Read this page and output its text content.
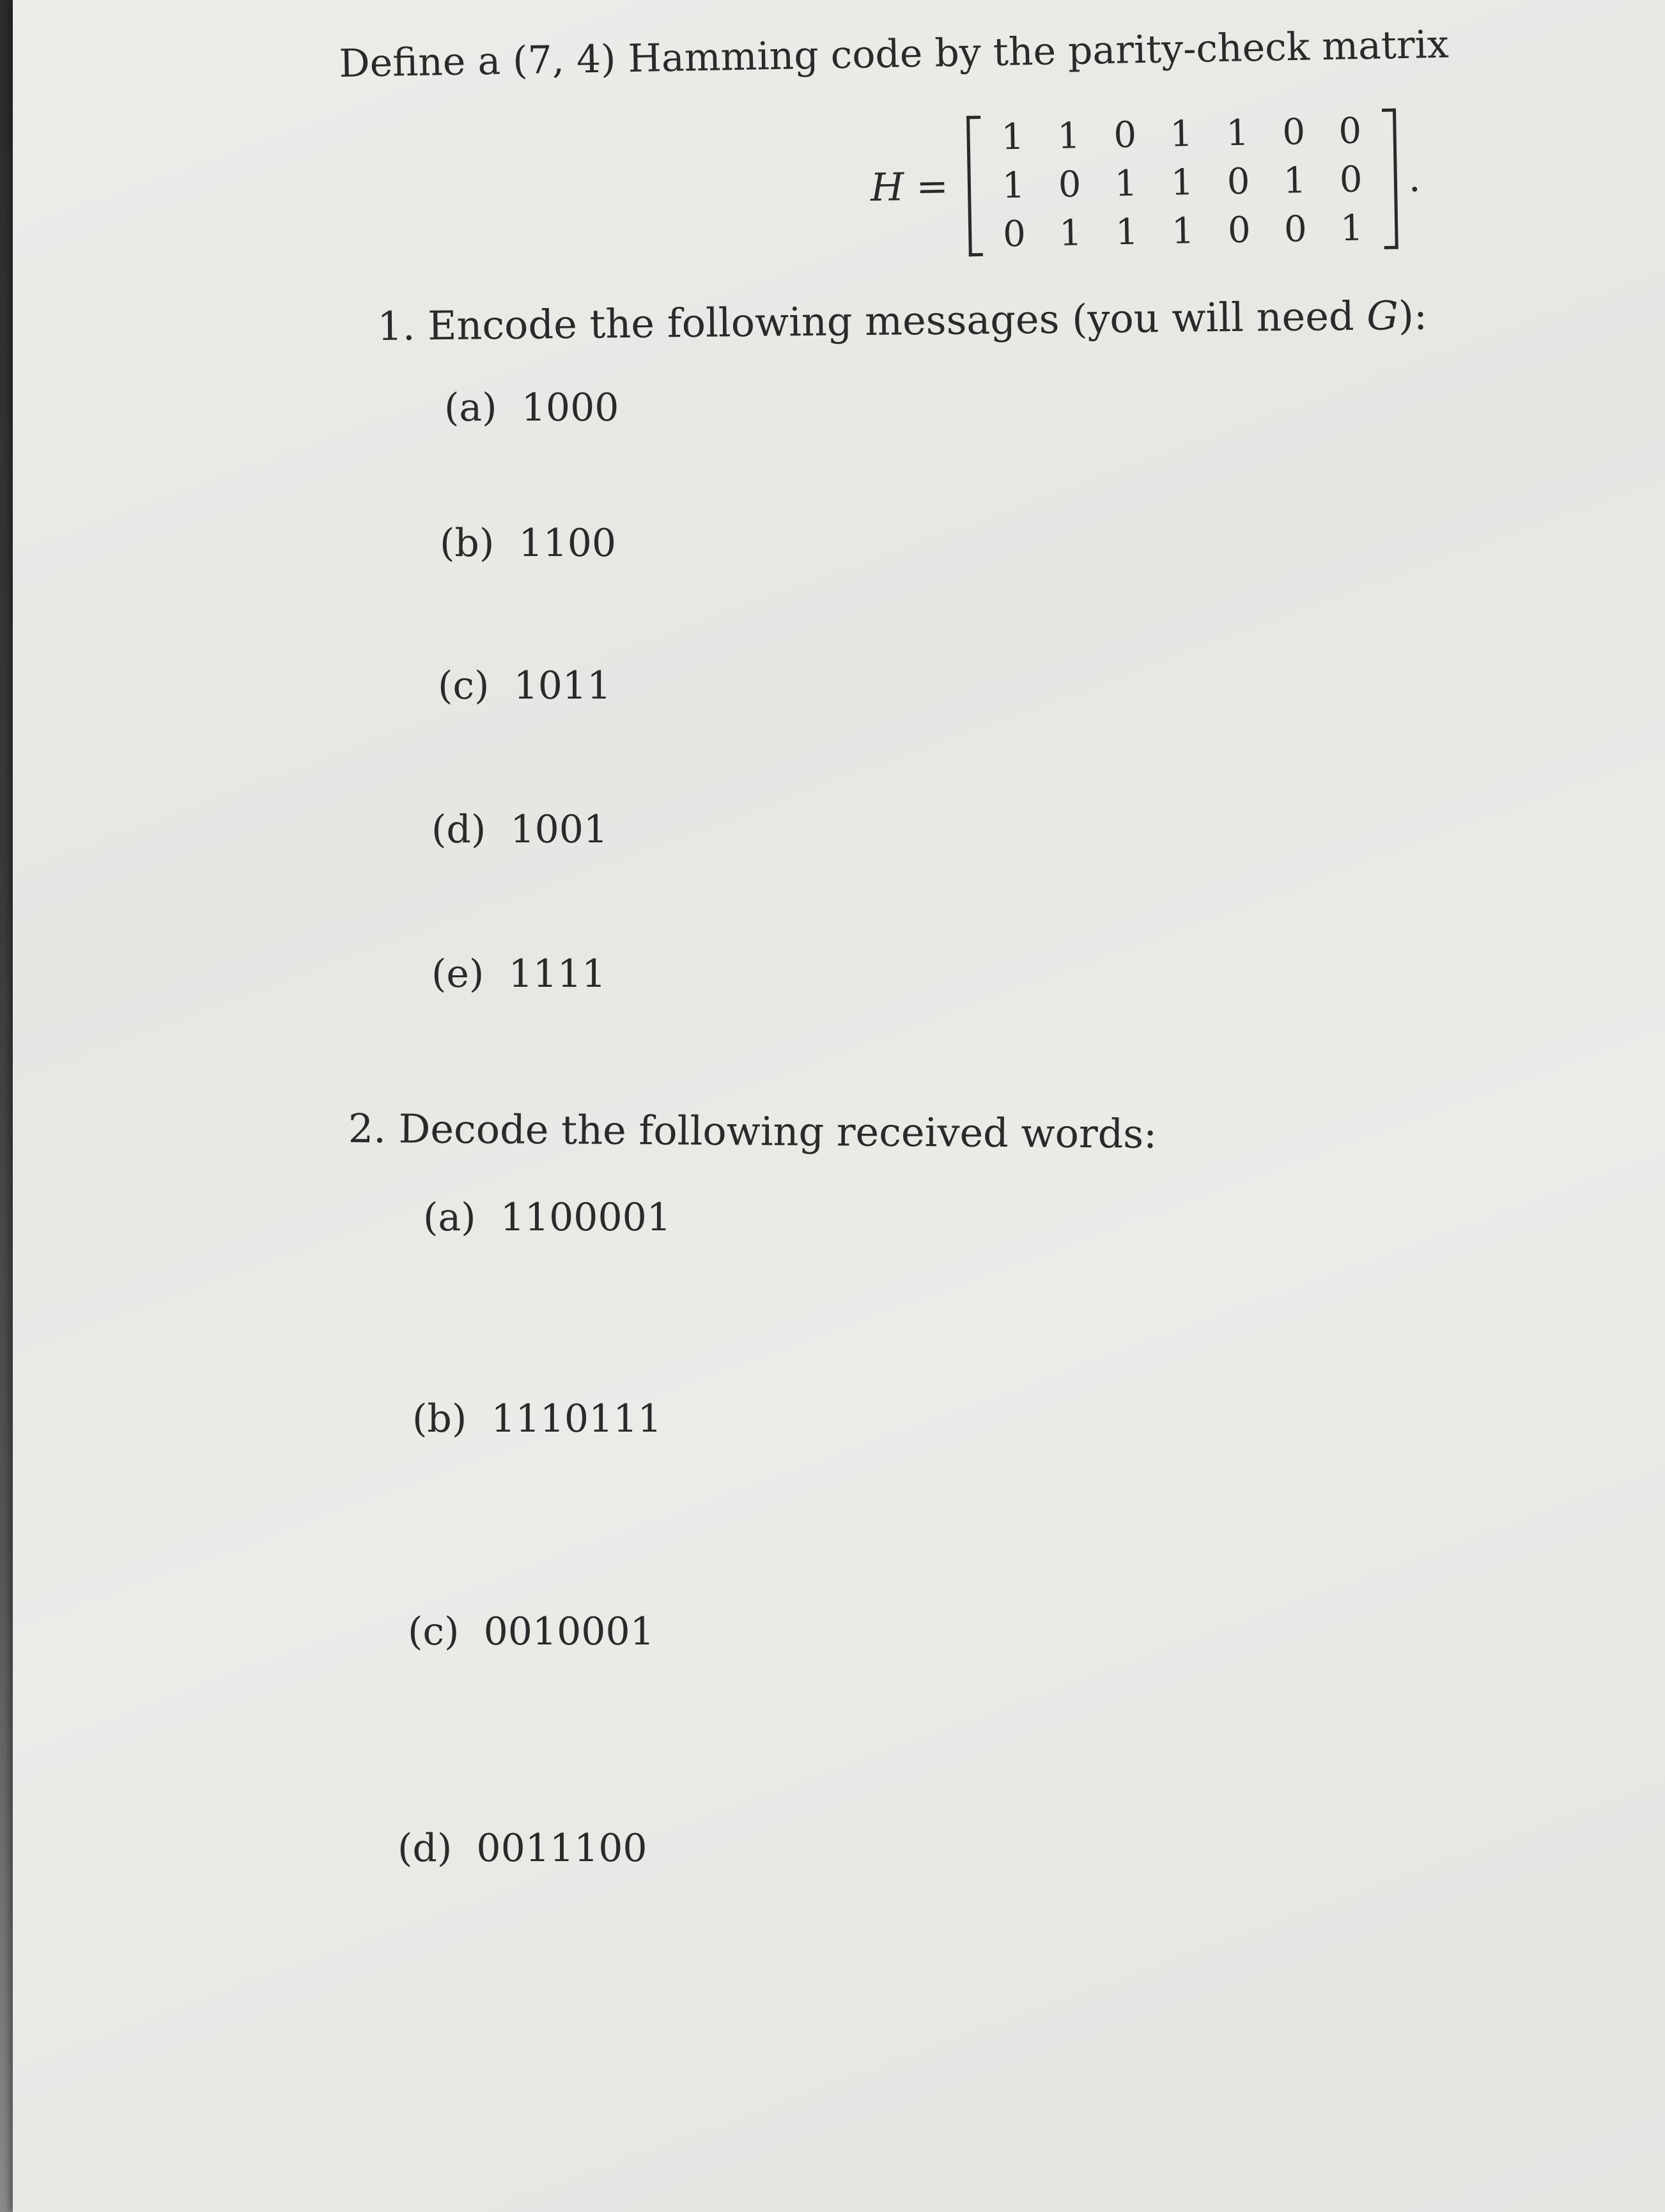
Define a (7, 4) Hamming code by the parity-check matrix
H =
1 1 0 1 1 0 0
1 0 1 1 0 1 0
0 1 1 1 0 0 1
.
1. Encode the following messages (you will need G):
(a) 1000
(b) 1100
(c) 1011
(d) 1001
(e) 1111
2. Decode the following received words:
(a) 1100001
(b) 1110111
(c) 0010001
(d) 0011100
